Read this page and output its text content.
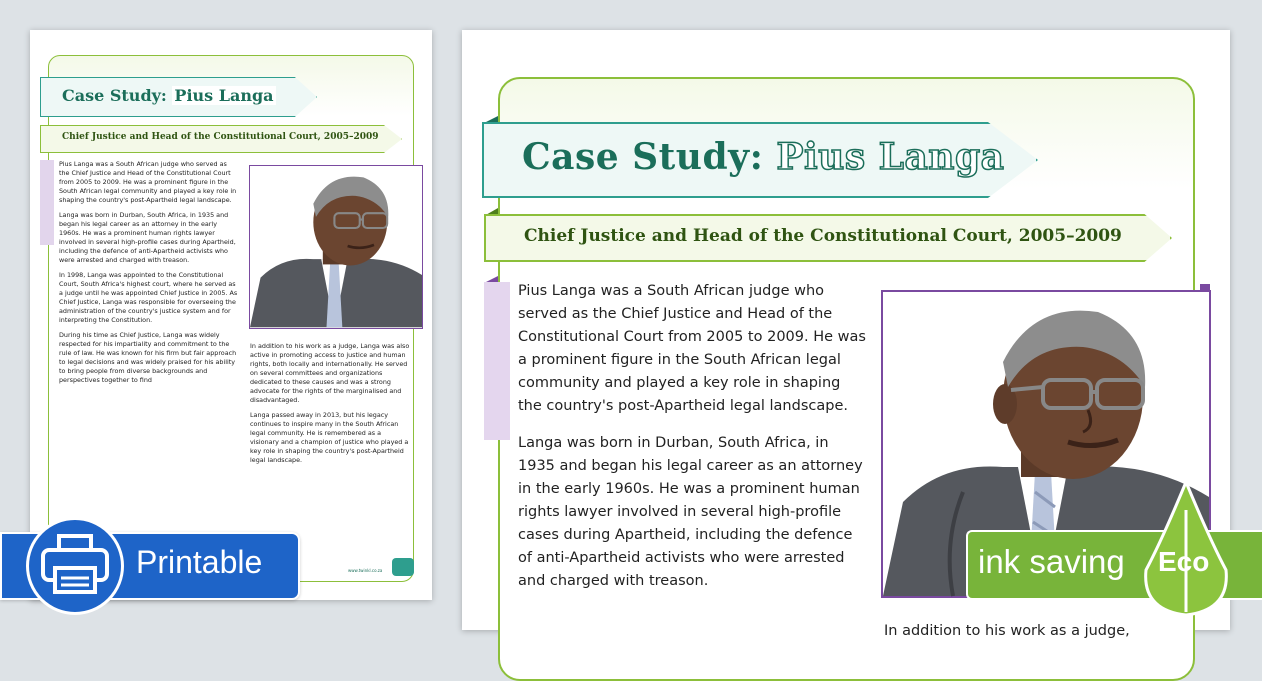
Case Study: Pius Langa
Chief Justice and Head of the Constitutional Court, 2005–2009

Pius Langa was a South African judge who served as the Chief Justice and Head of the Constitutional Court from 2005 to 2009. He was a prominent figure in the South African legal community and played a key role in shaping the country's post-Apartheid legal landscape.

Langa was born in Durban, South Africa, in 1935 and began his legal career as an attorney in the early 1960s. He was a prominent human rights lawyer involved in several high-profile cases during Apartheid, including the defence of anti-Apartheid activists who were arrested and charged with treason.

In 1998, Langa was appointed to the Constitutional Court, South Africa's highest court, where he served as a judge until he was appointed Chief Justice in 2005. As Chief Justice, Langa was responsible for overseeing the administration of the country's justice system and for interpreting the Constitution.

During his time as Chief Justice, Langa was widely respected for his impartiality and commitment to the rule of law. He was known for his firm but fair approach to legal decisions and was widely praised for his ability to bring people from diverse backgrounds and perspectives together to find

In addition to his work as a judge, Langa was also active in promoting access to justice and human rights, both locally and internationally. He served on several committees and organizations dedicated to these causes and was a strong advocate for the rights of the marginalised and disadvantaged.

Langa passed away in 2013, but his legacy continues to inspire many in the South African legal community. He is remembered as a visionary and a champion of justice who played a key role in shaping the country's post-Apartheid legal landscape.

www.twinkl.co.za
Case Study: Pius Langa
Chief Justice and Head of the Constitutional Court, 2005–2009

Pius Langa was a South African judge who served as the Chief Justice and Head of the Constitutional Court from 2005 to 2009. He was a prominent figure in the South African legal community and played a key role in shaping the country's post-Apartheid legal landscape.

Langa was born in Durban, South Africa, in 1935 and began his legal career as an attorney in the early 1960s. He was a prominent human rights lawyer involved in several high-profile cases during Apartheid, including the defence of anti-Apartheid activists who were arrested and charged with treason.

In addition to his work as a judge,
Printable	ink saving Eco
